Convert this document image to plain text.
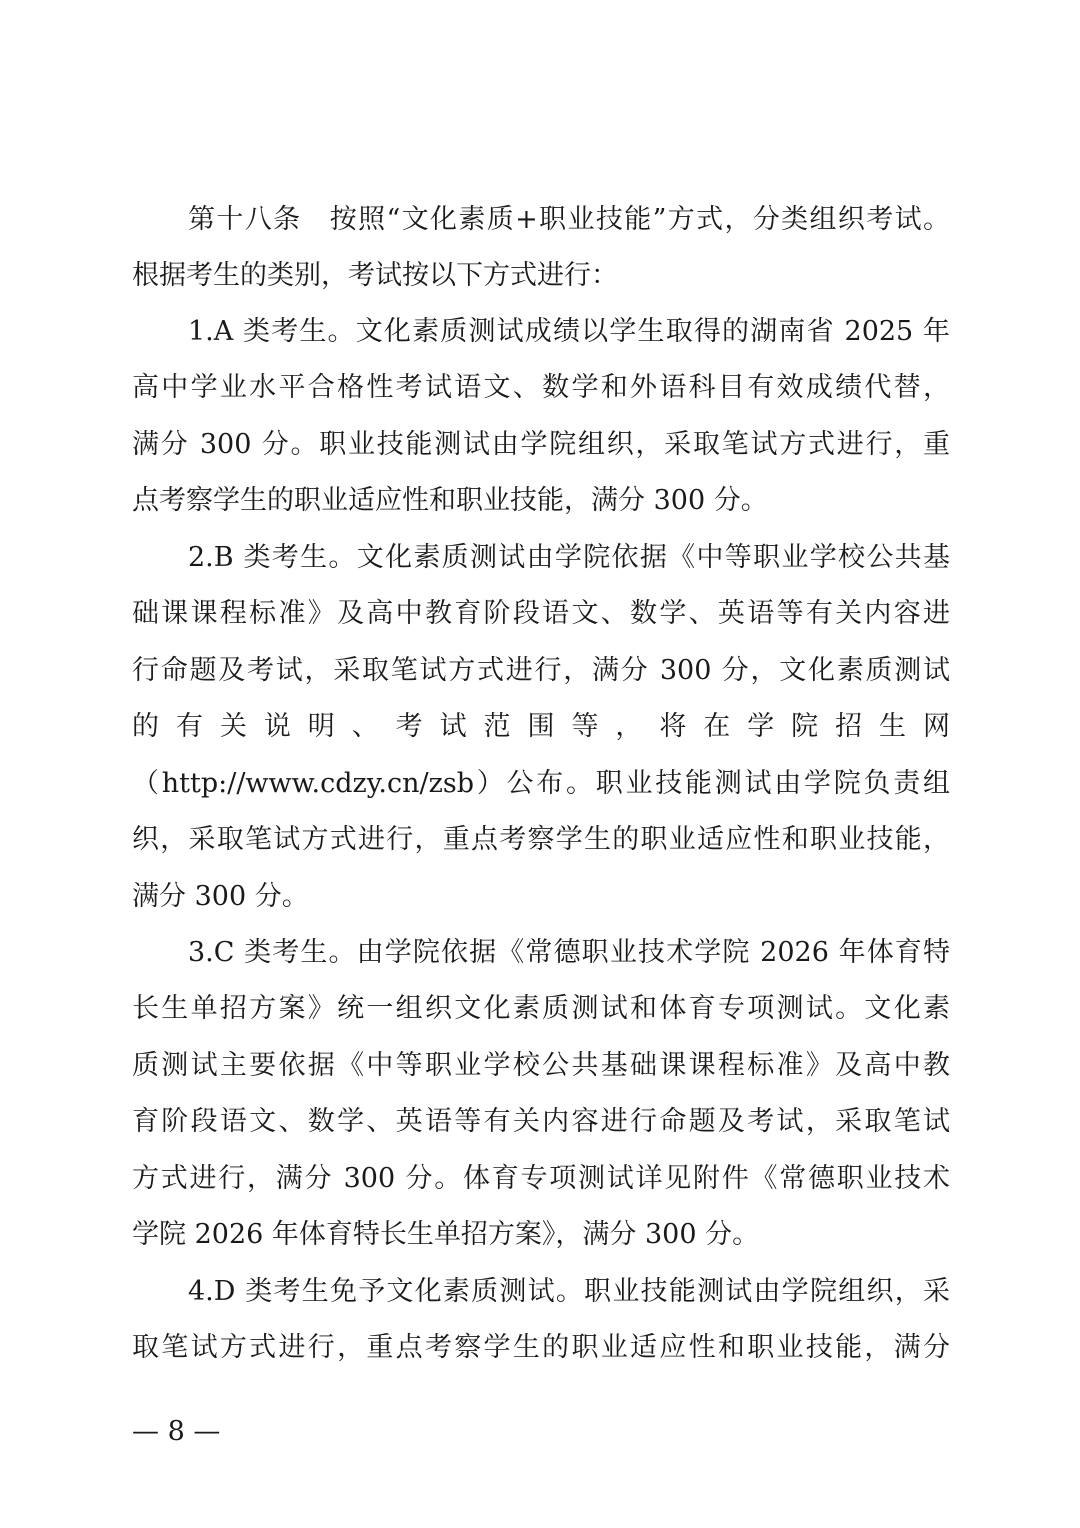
第十八条　按照“文化素质+职业技能”方式，分类组织考试。
根据考生的类别，考试按以下方式进行：
1.A 类考生。文化素质测试成绩以学生取得的湖南省 2025 年
高中学业水平合格性考试语文、数学和外语科目有效成绩代替，
满分 300 分。职业技能测试由学院组织，采取笔试方式进行，重
点考察学生的职业适应性和职业技能，满分 300 分。
2.B 类考生。文化素质测试由学院依据《中等职业学校公共基
础课课程标准》及高中教育阶段语文、数学、英语等有关内容进
行命题及考试，采取笔试方式进行，满分 300 分，文化素质测试
的有关说明、考试范围等，将在学院招生网
（http://www.cdzy.cn/zsb）公布。职业技能测试由学院负责组
织，采取笔试方式进行，重点考察学生的职业适应性和职业技能，
满分 300 分。
3.C 类考生。由学院依据《常德职业技术学院 2026 年体育特
长生单招方案》统一组织文化素质测试和体育专项测试。文化素
质测试主要依据《中等职业学校公共基础课课程标准》及高中教
育阶段语文、数学、英语等有关内容进行命题及考试，采取笔试
方式进行，满分 300 分。体育专项测试详见附件《常德职业技术
学院 2026 年体育特长生单招方案》，满分 300 分。
4.D 类考生免予文化素质测试。职业技能测试由学院组织，采
取笔试方式进行，重点考察学生的职业适应性和职业技能，满分
— 8 —
